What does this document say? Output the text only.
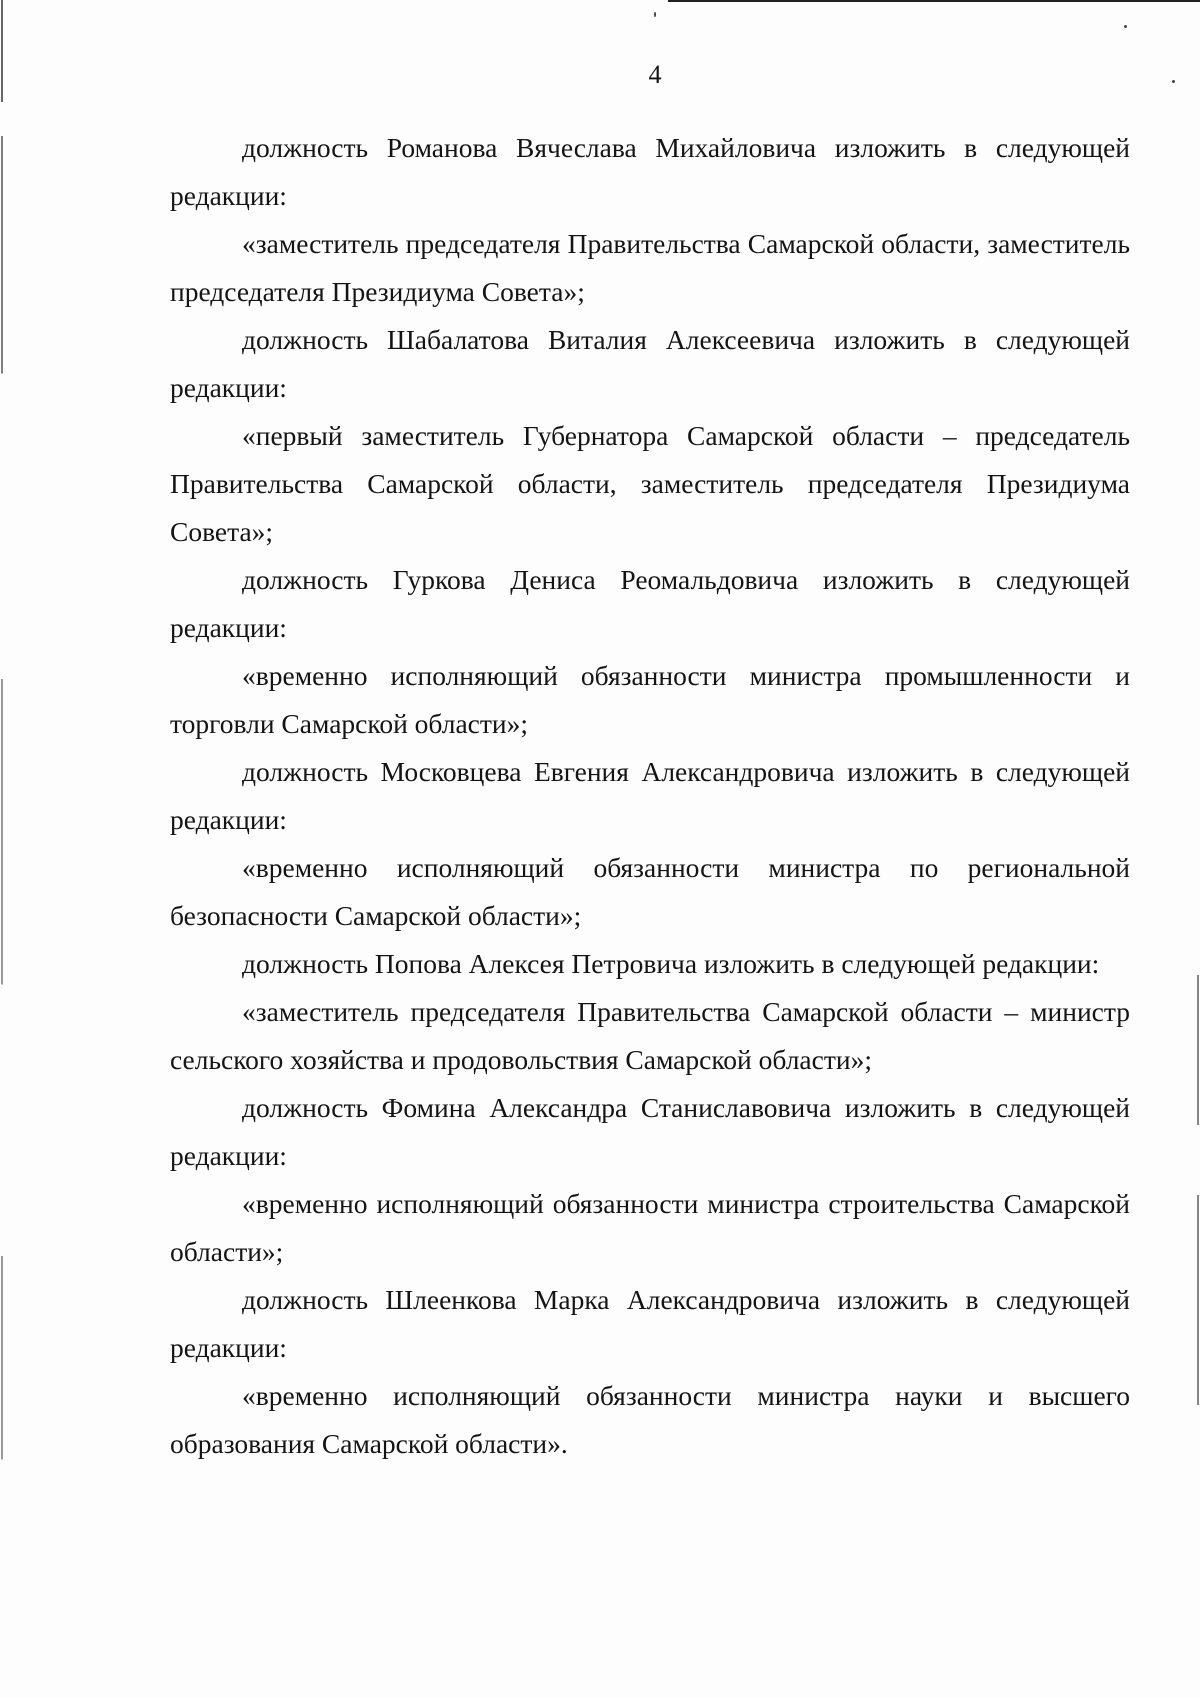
4

должность Романова Вячеслава Михайловича изложить в следующей редакции:

«заместитель председателя Правительства Самарской области, заместитель председателя Президиума Совета»;

должность Шабалатова Виталия Алексеевича изложить в следующей редакции:

«первый заместитель Губернатора Самарской области – председатель Правительства Самарской области, заместитель председателя Президиума Совета»;

должность Гуркова Дениса Реомальдовича изложить в следующей редакции:

«временно исполняющий обязанности министра промышленности и торговли Самарской области»;

должность Московцева Евгения Александровича изложить в следующей редакции:

«временно исполняющий обязанности министра по региональной безопасности Самарской области»;

должность Попова Алексея Петровича изложить в следующей редакции:

«заместитель председателя Правительства Самарской области – министр сельского хозяйства и продовольствия Самарской области»;

должность Фомина Александра Станиславовича изложить в следующей редакции:

«временно исполняющий обязанности министра строительства Самарской области»;

должность Шлеенкова Марка Александровича изложить в следующей редакции:

«временно исполняющий обязанности министра науки и высшего образования Самарской области».
